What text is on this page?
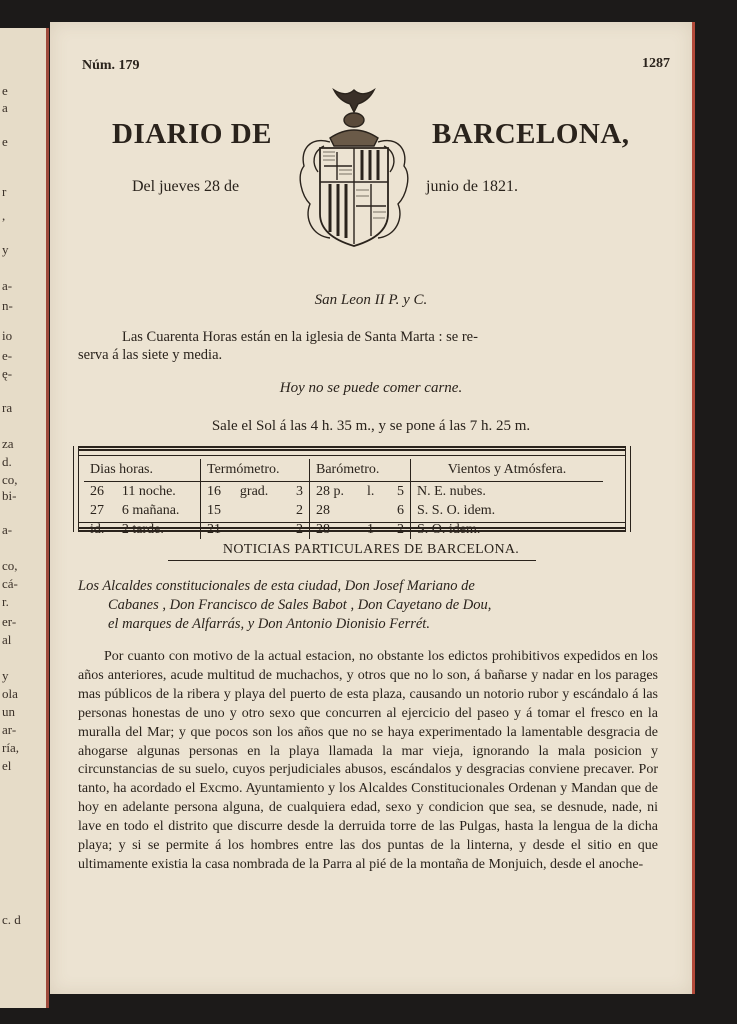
e
a
e
r
,
y
a-
n-
io
e-
ę-
ra
za
d.
co,
bi-
a-
co,
cá-
r.
er-
al
y
ola
un
ar-
ría,
el
c. d
Núm. 179	1287
DIARIO DE	BARCELONA,
Del jueves 28 de	junio de 1821.
San Leon II P. y C.
Las Cuarenta Horas están en la iglesia de Santa Marta : se re-
serva á las siete y media.
Hoy no se puede comer carne.
Sale el Sol á las 4 h. 35 m., y se pone á las 7 h. 25 m.
Dias horas.		Termómetro.			Barómetro.			Vientos y Atmósfera.
26	11 noche.	16	grad.	3	28 p.	l.	5	N. E. nubes.
27	6 mañana.	15		2	28		6	S. S. O. idem.
id.	2 tarde.	21		2	28	1	2	S. O. idem.
NOTICIAS PARTICULARES DE BARCELONA.
Los Alcaldes constitucionales de esta ciudad, Don Josef Mariano de
Cabanes , Don Francisco de Sales Babot , Don Cayetano de Dou,
el marques de Alfarrás, y Don Antonio Dionisio Ferrét.
Por cuanto con motivo de la actual estacion, no obstante los edictos prohibitivos expedidos en los años anteriores, acude multitud de muchachos, y otros que no lo son, á bañarse y nadar en los parages mas públicos de la ribera y playa del puerto de esta plaza, causando un notorio rubor y escándalo á las personas honestas de uno y otro sexo que concurren al ejercicio del paseo y á tomar el fresco en la muralla del Mar; y que pocos son los años que no se haya experimentado la lamentable desgracia de ahogarse algunas personas en la playa llamada la mar vieja, ignorando la mala posicion y circunstancias de su suelo, cuyos perjudiciales abusos, escándalos y desgracias conviene precaver. Por tanto, ha acordado el Excmo. Ayuntamiento y los Alcaldes Constitucionales Ordenan y Mandan que de hoy en adelante persona alguna, de cualquiera edad, sexo y condicion que sea, se desnude, nade, ni lave en todo el distrito que discurre desde la derruida torre de las Pulgas, hasta la lengua de la dicha playa; y si se permite á los hombres entre las dos puntas de la linterna, y desde el sitio en que ultimamente existia la casa nombrada de la Parra al pié de la montaña de Monjuich, desde el anoche-
